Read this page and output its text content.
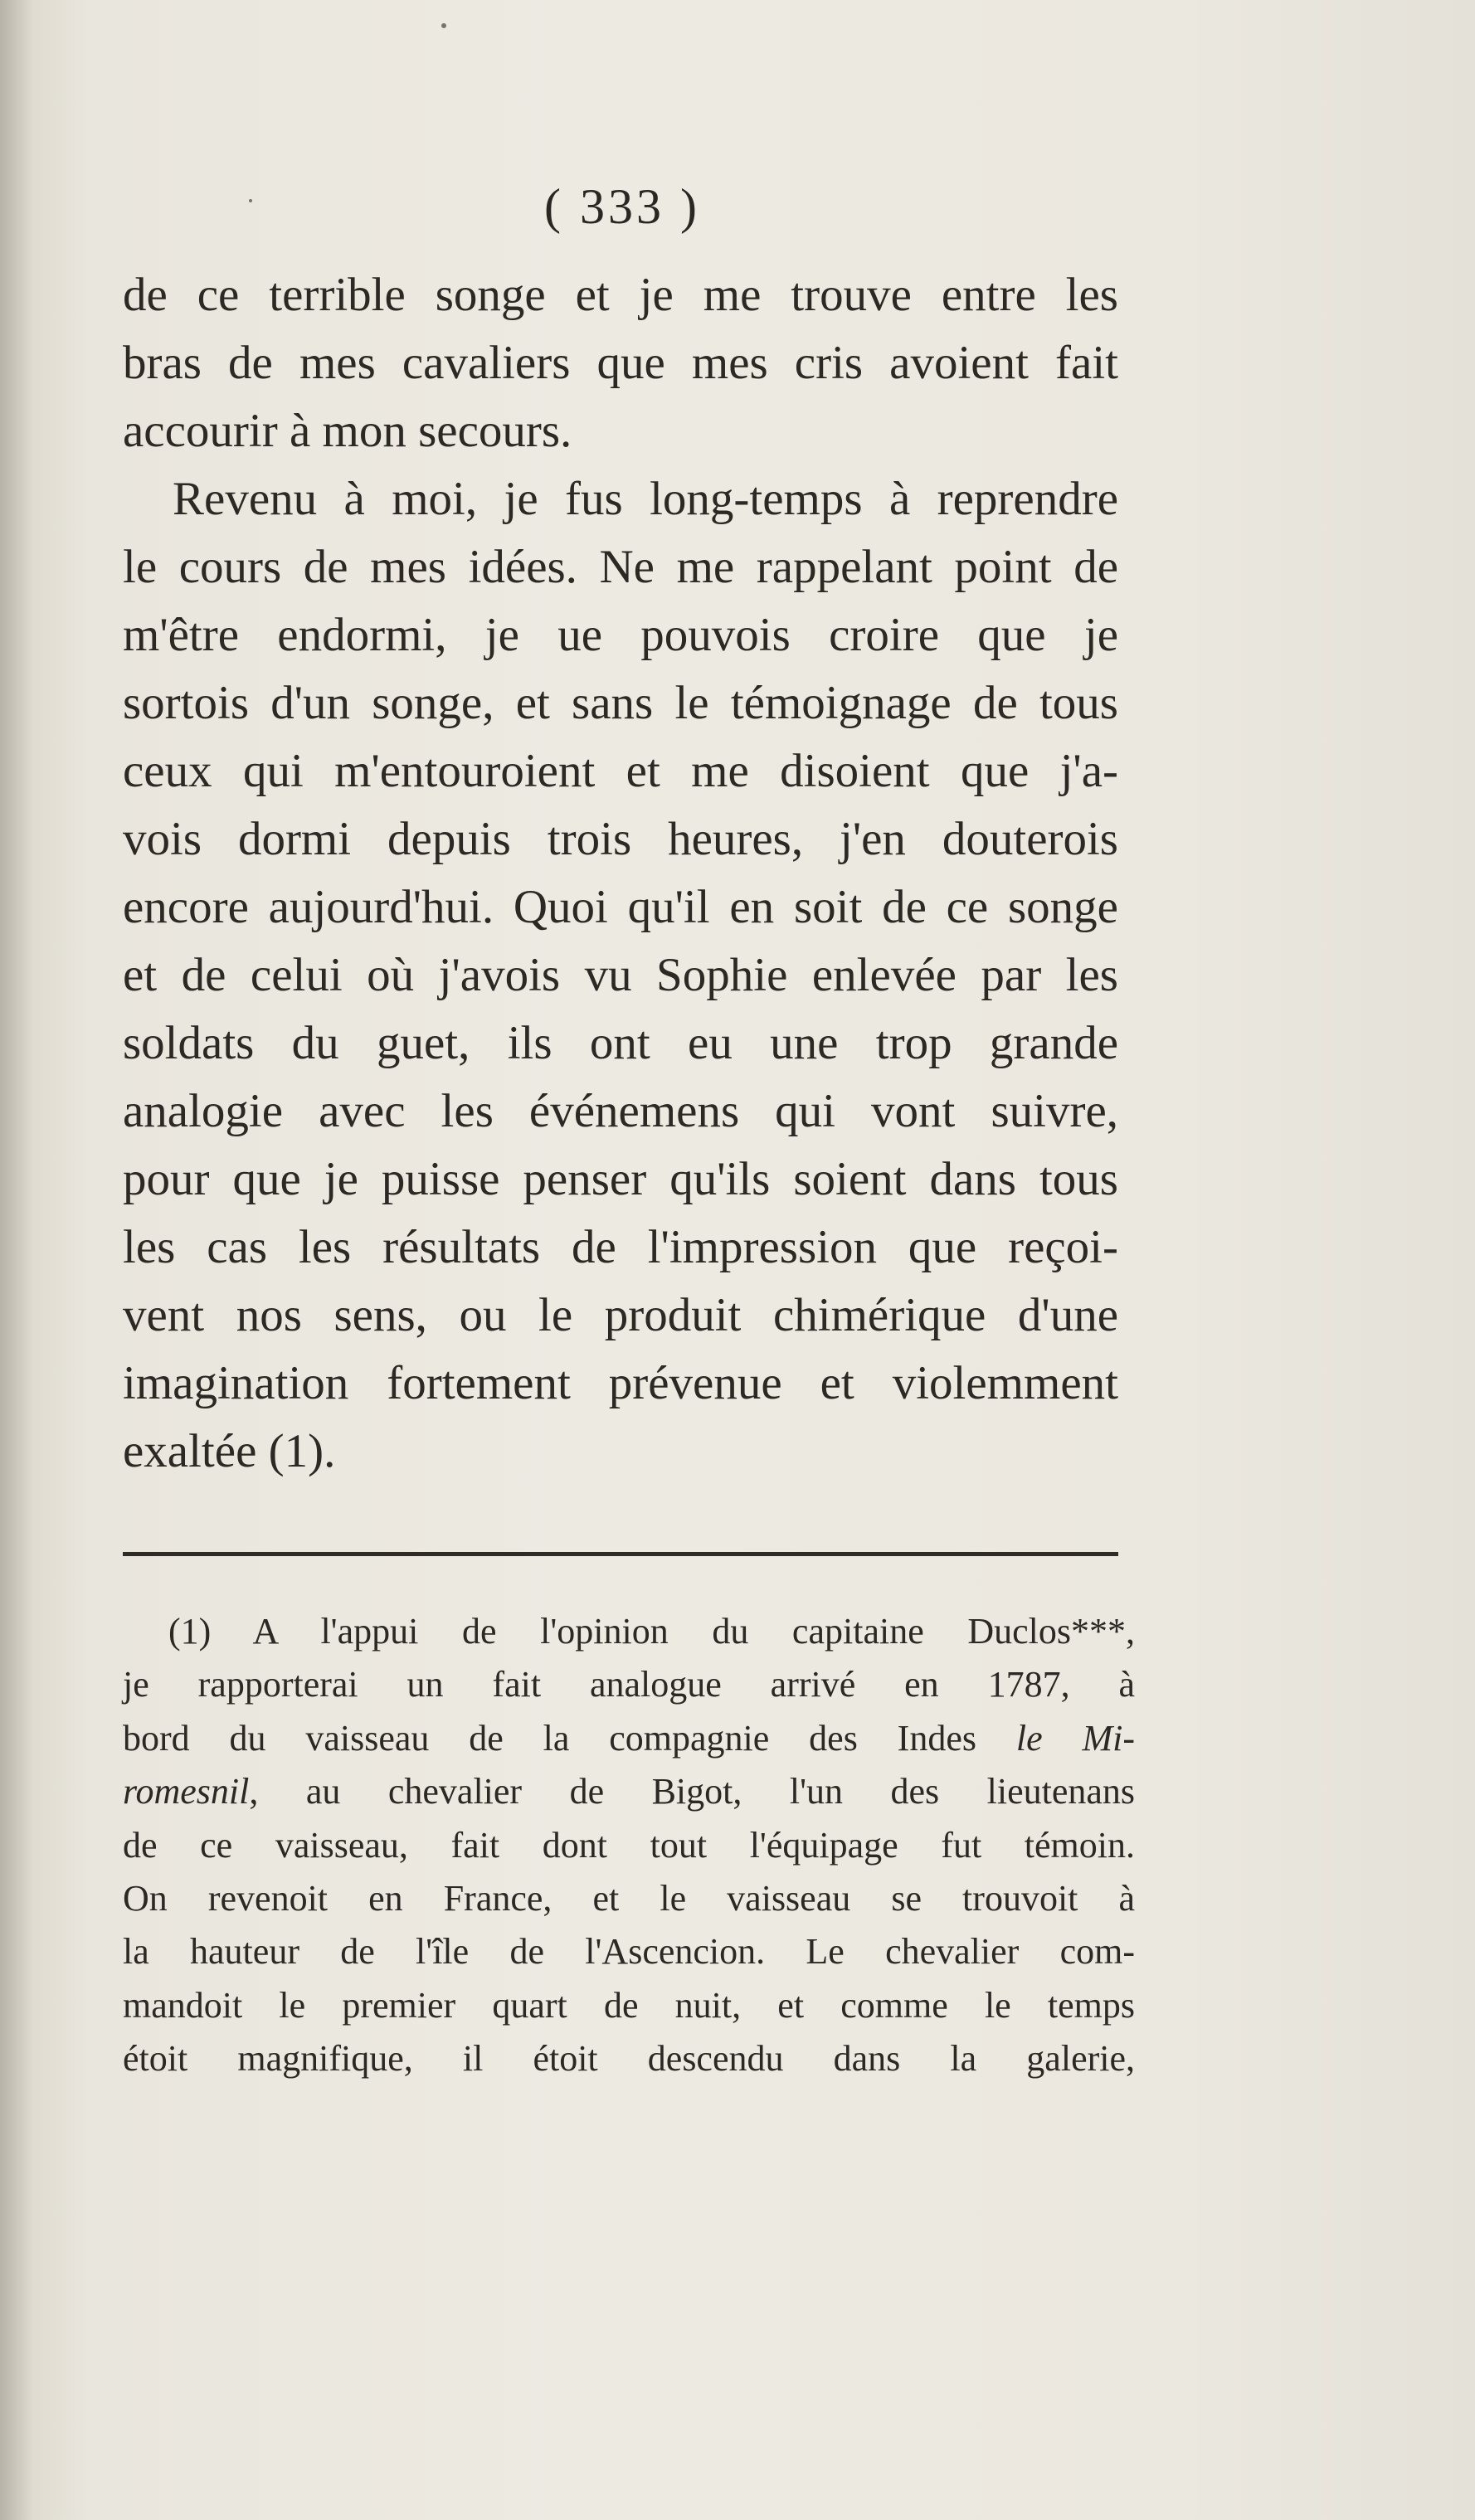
( 333 )
de ce terrible songe et je me trouve entre les
bras de mes cavaliers que mes cris avoient fait
accourir à mon secours.
Revenu à moi, je fus long-temps à reprendre
le cours de mes idées. Ne me rappelant point de
m'être endormi, je ue pouvois croire que je
sortois d'un songe, et sans le témoignage de tous
ceux qui m'entouroient et me disoient que j'a-
vois dormi depuis trois heures, j'en douterois
encore aujourd'hui. Quoi qu'il en soit de ce songe
et de celui où j'avois vu Sophie enlevée par les
soldats du guet, ils ont eu une trop grande
analogie avec les événemens qui vont suivre,
pour que je puisse penser qu'ils soient dans tous
les cas les résultats de l'impression que reçoi-
vent nos sens, ou le produit chimérique d'une
imagination fortement prévenue et violemment
exaltée (1).
(1) A l'appui de l'opinion du capitaine Duclos***,
je rapporterai un fait analogue arrivé en 1787, à
bord du vaisseau de la compagnie des Indes le Mi-
romesnil, au chevalier de Bigot, l'un des lieutenans
de ce vaisseau, fait dont tout l'équipage fut témoin.
On revenoit en France, et le vaisseau se trouvoit à
la hauteur de l'île de l'Ascencion. Le chevalier com-
mandoit le premier quart de nuit, et comme le temps
étoit magnifique, il étoit descendu dans la galerie,
